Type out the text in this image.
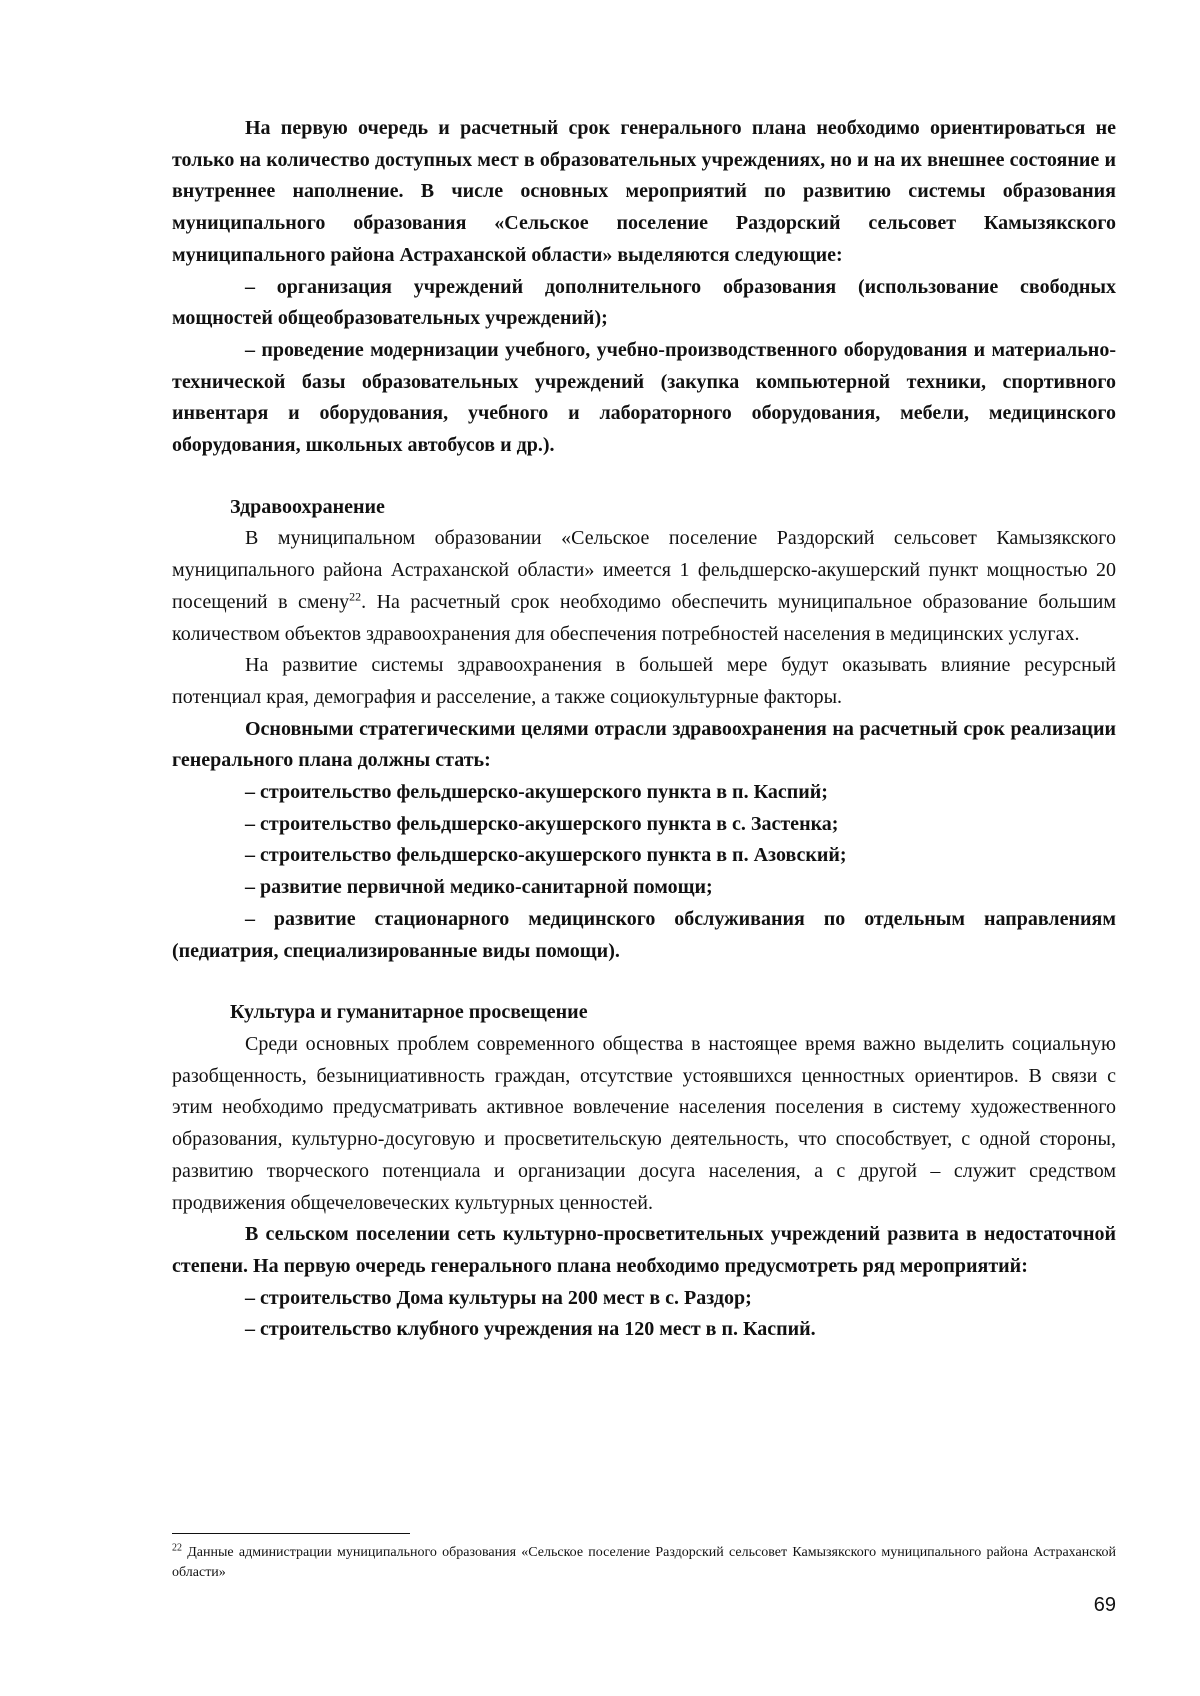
На первую очередь и расчетный срок генерального плана необходимо ориентироваться не только на количество доступных мест в образовательных учреждениях, но и на их внешнее состояние и внутреннее наполнение. В числе основных мероприятий по развитию системы образования муниципального образования «Сельское поселение Раздорский сельсовет Камызякского муниципального района Астраханской области» выделяются следующие:

– организация учреждений дополнительного образования (использование свободных мощностей общеобразовательных учреждений);

– проведение модернизации учебного, учебно-производственного оборудования и материально-технической базы образовательных учреждений (закупка компьютерной техники, спортивного инвентаря и оборудования, учебного и лабораторного оборудования, мебели, медицинского оборудования, школьных автобусов и др.).

Здравоохранение

В муниципальном образовании «Сельское поселение Раздорский сельсовет Камызякского муниципального района Астраханской области» имеется 1 фельдшерско-акушерский пункт мощностью 20 посещений в смену$^{22}$. На расчетный срок необходимо обеспечить муниципальное образование большим количеством объектов здравоохранения для обеспечения потребностей населения в медицинских услугах.

На развитие системы здравоохранения в большей мере будут оказывать влияние ресурсный потенциал края, демография и расселение, а также социокультурные факторы.

Основными стратегическими целями отрасли здравоохранения на расчетный срок реализации генерального плана должны стать:

– строительство фельдшерско-акушерского пункта в п. Каспий;

– строительство фельдшерско-акушерского пункта в с. Застенка;

– строительство фельдшерско-акушерского пункта в п. Азовский;

– развитие первичной медико-санитарной помощи;

– развитие стационарного медицинского обслуживания по отдельным направлениям (педиатрия, специализированные виды помощи).

Культура и гуманитарное просвещение

Среди основных проблем современного общества в настоящее время важно выделить социальную разобщенность, безынициативность граждан, отсутствие устоявшихся ценностных ориентиров. В связи с этим необходимо предусматривать активное вовлечение населения поселения в систему художественного образования, культурно-досуговую и просветительскую деятельность, что способствует, с одной стороны, развитию творческого потенциала и организации досуга населения, а с другой – служит средством продвижения общечеловеческих культурных ценностей.

В сельском поселении сеть культурно-просветительных учреждений развита в недостаточной степени. На первую очередь генерального плана необходимо предусмотреть ряд мероприятий:

– строительство Дома культуры на 200 мест в с. Раздор;

– строительство клубного учреждения на 120 мест в п. Каспий.

$^{22}$ Данные администрации муниципального образования «Сельское поселение Раздорский сельсовет Камызякского муниципального района Астраханской области»
69
